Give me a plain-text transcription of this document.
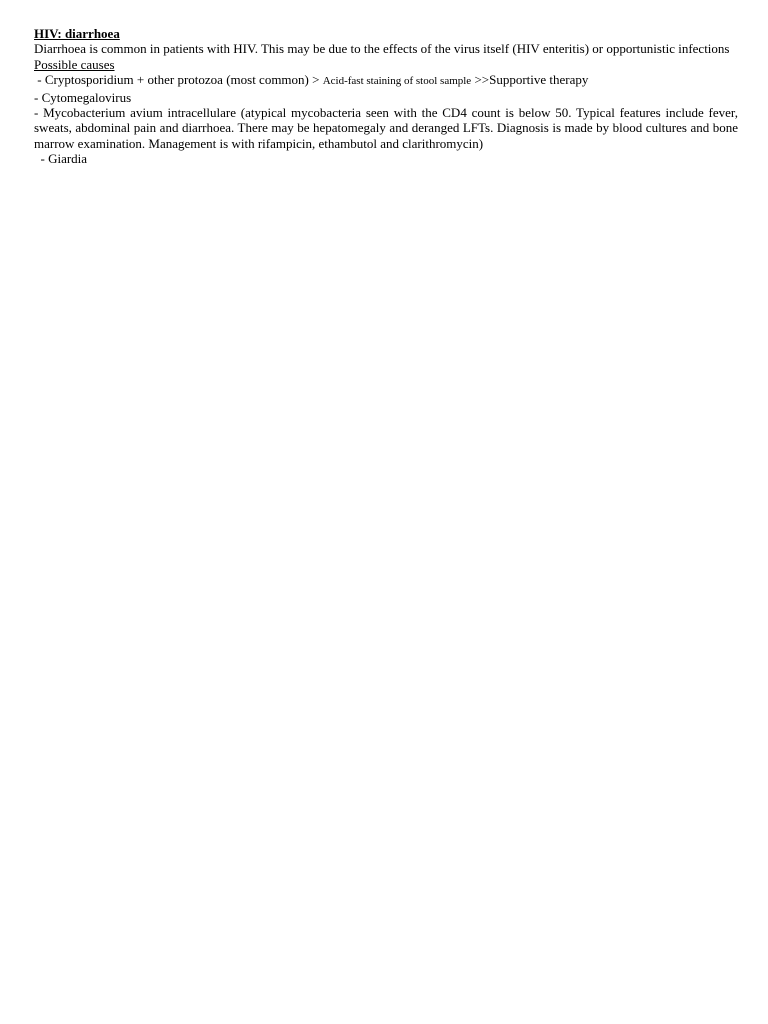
HIV: diarrhoea

Diarrhoea is common in patients with HIV. This may be due to the effects of the virus itself (HIV enteritis) or opportunistic infections

Possible causes

- Cryptosporidium + other protozoa (most common) > Acid-fast staining of stool sample >>Supportive therapy

- Cytomegalovirus

- Mycobacterium avium intracellulare (atypical mycobacteria seen with the CD4 count is below 50. Typical features include fever, sweats, abdominal pain and diarrhoea. There may be hepatomegaly and deranged LFTs. Diagnosis is made by blood cultures and bone marrow examination. Management is with rifampicin, ethambutol and clarithromycin)

- Giardia
